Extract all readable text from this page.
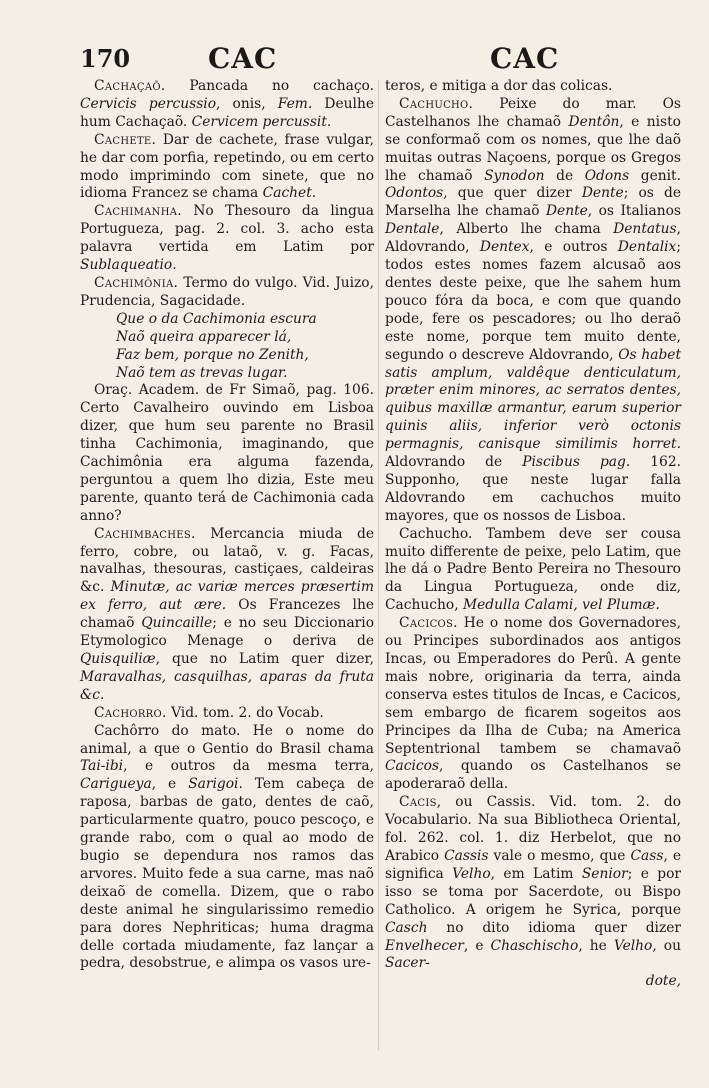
170	CAC	CAC

Cachaçaõ. Pancada no cachaço. Cervicis percussio, onis, Fem. Deulhe hum Cachaçaõ. Cervicem percussit.

Cachete. Dar de cachete, frase vulgar, he dar com porfia, repetindo, ou em certo modo imprimindo com sinete, que no idioma Francez se chama Cachet.

Cachimanha. No Thesouro da lingua Portugueza, pag. 2. col. 3. acho esta palavra vertida em Latim por Sublaqueatio.

Cachimônia. Termo do vulgo. Vid. Juizo, Prudencia, Sagacidade.

Que o da Cachimonia escura

Naõ queira apparecer lá,

Faz bem, porque no Zenith,

Naõ tem as trevas lugar.

Oraç. Academ. de Fr Simaõ, pag. 106. Certo Cavalheiro ouvindo em Lisboa dizer, que hum seu parente no Brasil tinha Cachimonia, imaginando, que Cachimônia era alguma fazenda, perguntou a quem lho dizia, Este meu parente, quanto terá de Cachimonia cada anno?

Cachimbaches. Mercancia miuda de ferro, cobre, ou lataõ, v. g. Facas, navalhas, thesouras, castiçaes, caldeiras &c. Minutæ, ac variæ merces præsertim ex ferro, aut ære. Os Francezes lhe chamaõ Quincaille; e no seu Diccionario Etymologico Menage o deriva de Quisquiliæ, que no Latim quer dizer, Maravalhas, casquilhas, aparas da fruta &c.

Cachorro. Vid. tom. 2. do Vocab.

Cachôrro do mato. He o nome do animal, a que o Gentio do Brasil chama Tai-ibi, e outros da mesma terra, Carigueya, e Sarigoi. Tem cabeça de raposa, barbas de gato, dentes de caõ, particularmente quatro, pouco pescoço, e grande rabo, com o qual ao modo de bugio se dependura nos ramos das arvores. Muito fede a sua carne, mas naõ deixaõ de comella. Dizem, que o rabo deste animal he singularissimo remedio para dores Nephriticas; huma dragma delle cortada miudamente, faz lançar a pedra, desobstrue, e alimpa os vasos ure-

teros, e mitiga a dor das colicas.

Cachucho. Peixe do mar. Os Castelhanos lhe chamaõ Dentôn, e nisto se conformaõ com os nomes, que lhe daõ muitas outras Naçoens, porque os Gregos lhe chamaõ Synodon de Odons genit. Odontos, que quer dizer Dente; os de Marselha lhe chamaõ Dente, os Italianos Dentale, Alberto lhe chama Dentatus, Aldovrando, Dentex, e outros Dentalix; todos estes nomes fazem alcusaõ aos dentes deste peixe, que lhe sahem hum pouco fóra da boca, e com que quando pode, fere os pescadores; ou lho deraõ este nome, porque tem muito dente, segundo o descreve Aldovrando, Os habet satis amplum, valdêque denticulatum, præter enim minores, ac serratos dentes, quibus maxillæ armantur, earum superior quinis aliis, inferior verò octonis permagnis, canisque similimis horret. Aldovrando de Piscibus pag. 162. Supponho, que neste lugar falla Aldovrando em cachuchos muito mayores, que os nossos de Lisboa.

Cachucho. Tambem deve ser cousa muito differente de peixe, pelo Latim, que lhe dá o Padre Bento Pereira no Thesouro da Lingua Portugueza, onde diz, Cachucho, Medulla Calami, vel Plumæ.

Cacicos. He o nome dos Governadores, ou Principes subordinados aos antigos Incas, ou Emperadores do Perû. A gente mais nobre, originaria da terra, ainda conserva estes titulos de Incas, e Cacicos, sem embargo de ficarem sogeitos aos Principes da Ilha de Cuba; na America Septentrional tambem se chamavaõ Cacicos, quando os Castelhanos se apoderaraõ della.

Cacis, ou Cassis. Vid. tom. 2. do Vocabulario. Na sua Bibliotheca Oriental, fol. 262. col. 1. diz Herbelot, que no Arabico Cassis vale o mesmo, que Cass, e significa Velho, em Latim Senior; e por isso se toma por Sacerdote, ou Bispo Catholico. A origem he Syrica, porque Casch no dito idioma quer dizer Envelhecer, e Chaschischo, he Velho, ou Sacer-

dote,
